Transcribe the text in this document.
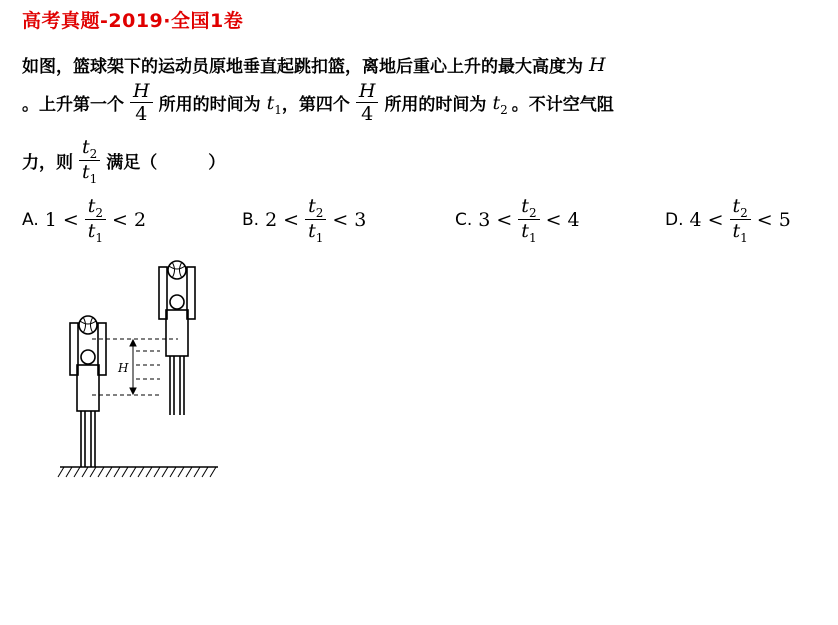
高考真题-2019·全国1卷
如图，篮球架下的运动员原地垂直起跳扣篮，离地后重心上升的最大高度为 H
。上升第一个 $\frac{H}{4}$ 所用的时间为 $t_1$ ，第四个 $\frac{H}{4}$ 所用的时间为 $t_2$ 。不计空气阻
力，则 $\frac{t_2}{t_1}$ 满足（　　　）
A. $1 < \frac{t_2}{t_1} < 2$	B. $2 < \frac{t_2}{t_1} < 3$	C. $3 < \frac{t_2}{t_1} < 4$	D. $4 < \frac{t_2}{t_1} < 5$
H
